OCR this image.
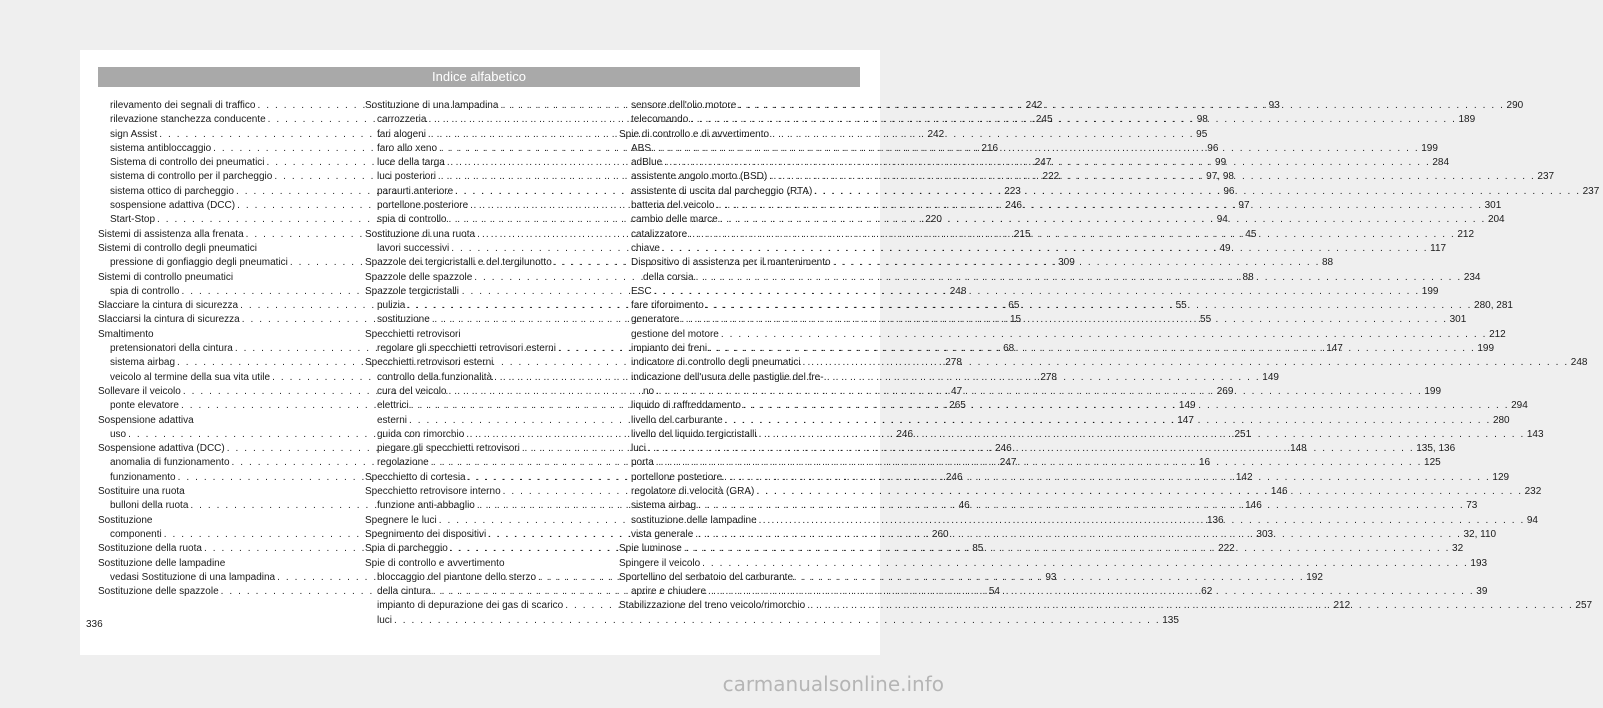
Indice alfabetico
rilevamento dei segnali di traffico . . .	242
rilevazione stanchezza conducente . . .	245
sign Assist . . .	242
sistema antibloccaggio . . .	216
Sistema di controllo dei pneumatici . . .	247
sistema di controllo per il parcheggio . . .	222
sistema ottico di parcheggio . . .	223
sospensione adattiva (DCC) . . .	246
Start-Stop . . .	220
Sistemi di assistenza alla frenata . . .	215
Sistemi di controllo degli pneumatici
pressione di gonfiaggio degli pneumatici . . .	309
Sistemi di controllo pneumatici
spia di controllo . . .	248
Slacciare la cintura di sicurezza . . .	65
Slacciarsi la cintura di sicurezza . . .	15
Smaltimento
pretensionatori della cintura . . .	68
sistema airbag . . .	278
veicolo al termine della sua vita utile . . .	278
Sollevare il veicolo . . .	47
ponte elevatore . . .	265
Sospensione adattiva
uso . . .	246
Sospensione adattiva (DCC) . . .	246
anomalia di funzionamento . . .	247
funzionamento . . .	246
Sostituire una ruota
bulloni della ruota . . .	46
Sostituzione
componenti . . .	260
Sostituzione della ruota . . .	85
Sostituzione delle lampadine
vedasi Sostituzione di una lampadina . . .	93
Sostituzione delle spazzole . . .	54
Sostituzione di una lampadina . . .	93
carrozzeria . . .	98
fari alogeni . . .	95
faro allo xeno . . .	96
luce della targa . . .	99
luci posteriori . . .	97, 98
paraurti anteriore . . .	96
portellone posteriore . . .	97
spia di controllo . . .	94
Sostituzione di una ruota . . .	45
lavori successivi . . .	49
Spazzole dei tergicristalli e del tergilunotto . . .	88
Spazzole delle spazzole . . .	88
Spazzole tergicristalli
pulizia . . .	55
sostituzione . . .	55
Specchietti retrovisori
regolare gli specchietti retrovisori esterni . . .	147
Specchietti retrovisori esterni
controllo della funzionalità . . .	149
cura del veicolo . . .	269
elettrici . . .	149
esterni . . .	147
guida con rimorchio . . .	251
piegare gli specchietti retrovisori . . .	148
regolazione . . .	16
Specchietto di cortesia . . .	142
Specchietto retrovisore interno . . .	146
funzione anti-abbaglio . . .	146
Spegnere le luci . . .	136
Spegnimento dei dispositivi . . .	303
Spia di parcheggio . . .	222
Spie di controllo e avvertimento
bloccaggio del piantone dello sterzo . . .	192
della cintura . . .	62
impianto di depurazione dei gas di scarico . . .	212
luci . . .	135
sensore dell'olio motore . . .	290
telecomando . . .	189
Spie di controllo e di avvertimento
ABS . . .	199
adBlue . . .	284
assistente angolo morto (BSD) . . .	237
assistente di uscita dal parcheggio (RTA) . . .	237
batteria del veicolo . . .	301
cambio delle marce . . .	204
catalizzatore . . .	212
chiave . . .	117
Dispositivo di assistenza per il mantenimento
della corsia . . .	234
ESC . . .	199
fare rifornimento . . .	280, 281
generatore . . .	301
gestione del motore . . .	212
impianto dei freni . . .	199
indicatore di controllo degli pneumatici . . .	248
indicazione dell'usura delle pastiglie del fre-
no . . .	199
liquido di raffreddamento . . .	294
livello del carburante . . .	280
livello del liquido tergicristalli . . .	143
luci . . .	135, 136
porta . . .	125
portellone posteriore . . .	129
regolatore di velocità (GRA) . . .	232
sistema airbag . . .	73
sostituzione delle lampadine . . .	94
vista generale . . .	32, 110
Spie luminose . . .	32
Spingere il veicolo . . .	193
Sportellino del serbatoio del carburante
aprire e chiudere . . .	39
Stabilizzazione del treno veicolo/rimorchio . . .	257
336
carmanualsonline.info
